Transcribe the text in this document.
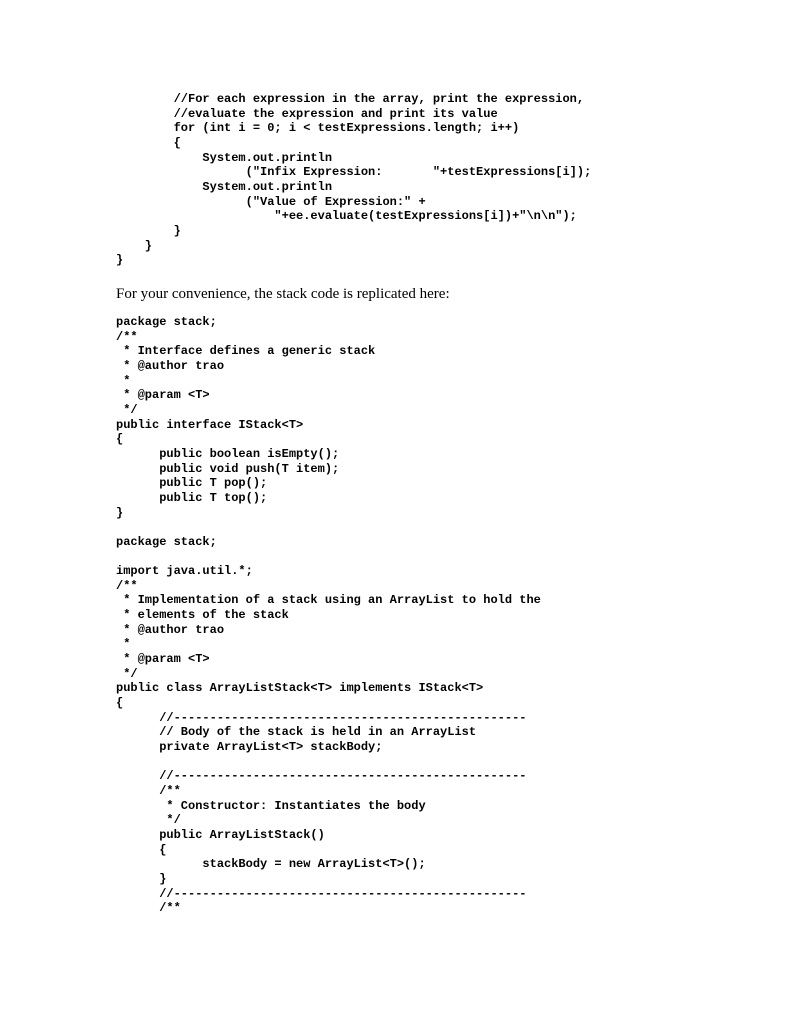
//For each expression in the array, print the expression,
//evaluate the expression and print its value
for (int i = 0; i < testExpressions.length; i++)
{
System.out.println
("Infix Expression:       "+testExpressions[i]);
System.out.println
("Value of Expression:" +
"+ee.evaluate(testExpressions[i])+"\n\n");
}
}
}

For your convenience, the stack code is replicated here:

package stack;
/**
* Interface defines a generic stack
* @author trao
*
* @param <T>
*/
public interface IStack<T>
{
public boolean isEmpty();
public void push(T item);
public T pop();
public T top();
}

package stack;

import java.util.*;
/**
* Implementation of a stack using an ArrayList to hold the
* elements of the stack
* @author trao
*
* @param <T>
*/
public class ArrayListStack<T> implements IStack<T>
{
//-------------------------------------------------
// Body of the stack is held in an ArrayList
private ArrayList<T> stackBody;

//-------------------------------------------------
/**
* Constructor: Instantiates the body
*/
public ArrayListStack()
{
stackBody = new ArrayList<T>();
}
//-------------------------------------------------
/**
